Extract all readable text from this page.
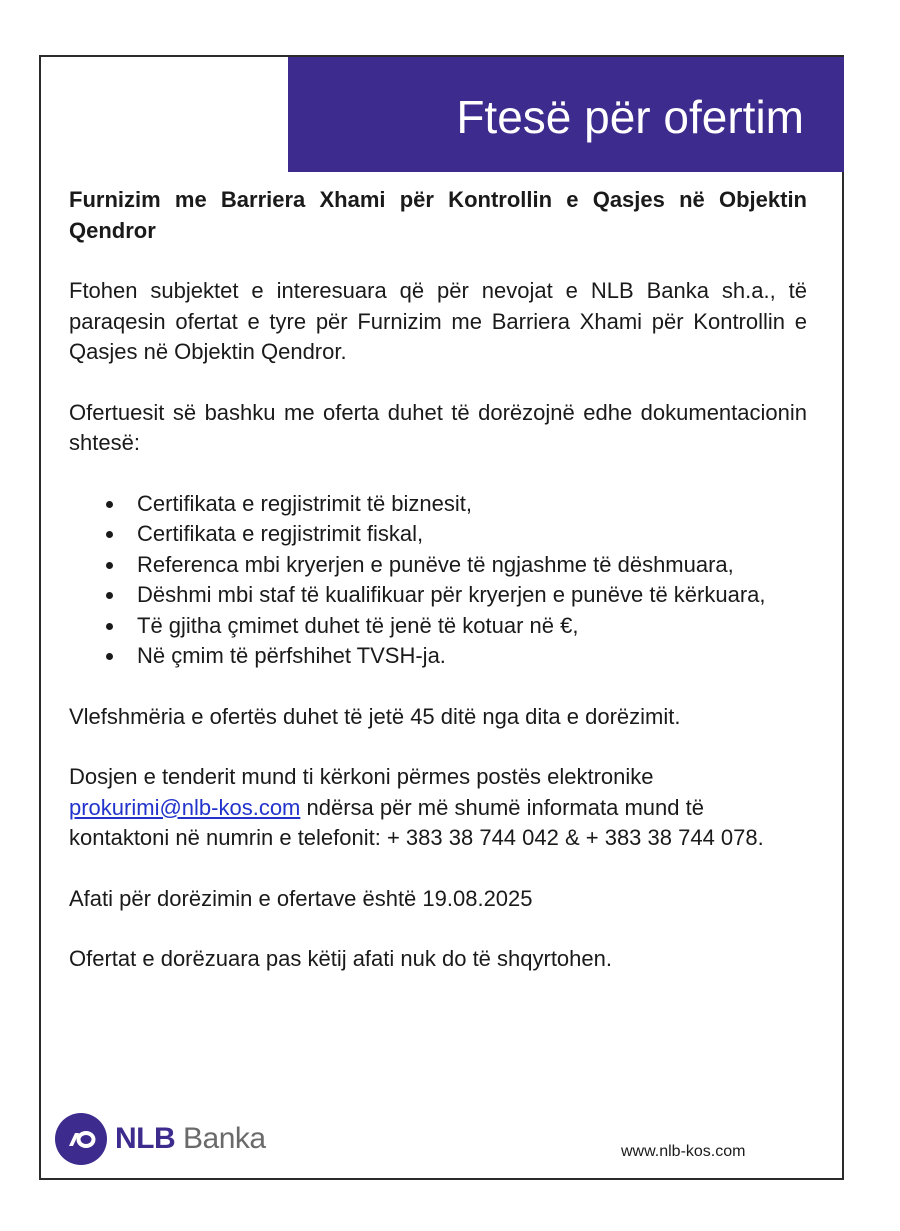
Ftesë për ofertim

Furnizim me Barriera Xhami për Kontrollin e Qasjes në Objektin Qendror

Ftohen subjektet e interesuara që për nevojat e NLB Banka sh.a., të paraqesin ofertat e tyre për Furnizim me Barriera Xhami për Kontrollin e Qasjes në Objektin Qendror.

Ofertuesit së bashku me oferta duhet të dorëzojnë edhe dokumentacionin shtesë:

Certifikata e regjistrimit të biznesit,
Certifikata e regjistrimit fiskal,
Referenca mbi kryerjen e punëve të ngjashme të dëshmuara,
Dëshmi mbi staf të kualifikuar për kryerjen e punëve të kërkuara,
Të gjitha çmimet duhet të jenë të kotuar në €,
Në çmim të përfshihet TVSH-ja.

Vlefshmëria e ofertës duhet të jetë 45 ditë nga dita e dorëzimit.

Dosjen e tenderit mund ti kërkoni përmes postës elektronike prokurimi@nlb-kos.com ndërsa për më shumë informata mund të kontaktoni në numrin e telefonit: + 383 38 744 042 & + 383 38 744 078.

Afati për dorëzimin e ofertave është 19.08.2025

Ofertat e dorëzuara pas këtij afati nuk do të shqyrtohen.

NLB Banka	www.nlb-kos.com
